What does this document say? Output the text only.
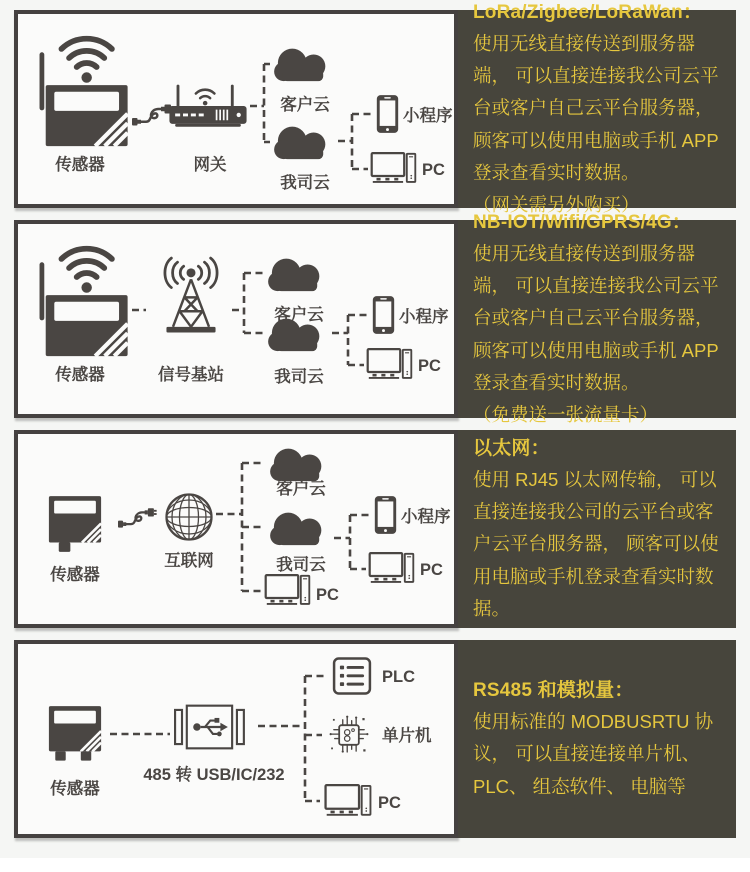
传感器	网关
客户云
我司云
小程序
PC
LoRa/Zigbee/LoRaWan：

使用无线直接传送到服务器端， 可以直接连接我公司云平台或客户自己云平台服务器， 顾客可以使用电脑或手机 APP 登录查看实时数据。

（网关需另外购买）

传感器	信号基站
客户云
我司云
小程序
PC
NB-IOT/Wifi/GPRS/4G：

使用无线直接传送到服务器端， 可以直接连接我公司云平台或客户自己云平台服务器， 顾客可以使用电脑或手机 APP 登录查看实时数据。

（免费送一张流量卡）

传感器
互联网
客户云
我司云
PC
小程序
PC
以太网：

使用 RJ45 以太网传输， 可以直接连接我公司的云平台或客户云平台服务器， 顾客可以使用电脑或手机登录查看实时数据。

传感器
485 转 USB/IC/232
PLC
单片机
PC
RS485 和模拟量：

使用标准的 MODBUSRTU 协议， 可以直接连接单片机、 PLC、 组态软件、 电脑等
